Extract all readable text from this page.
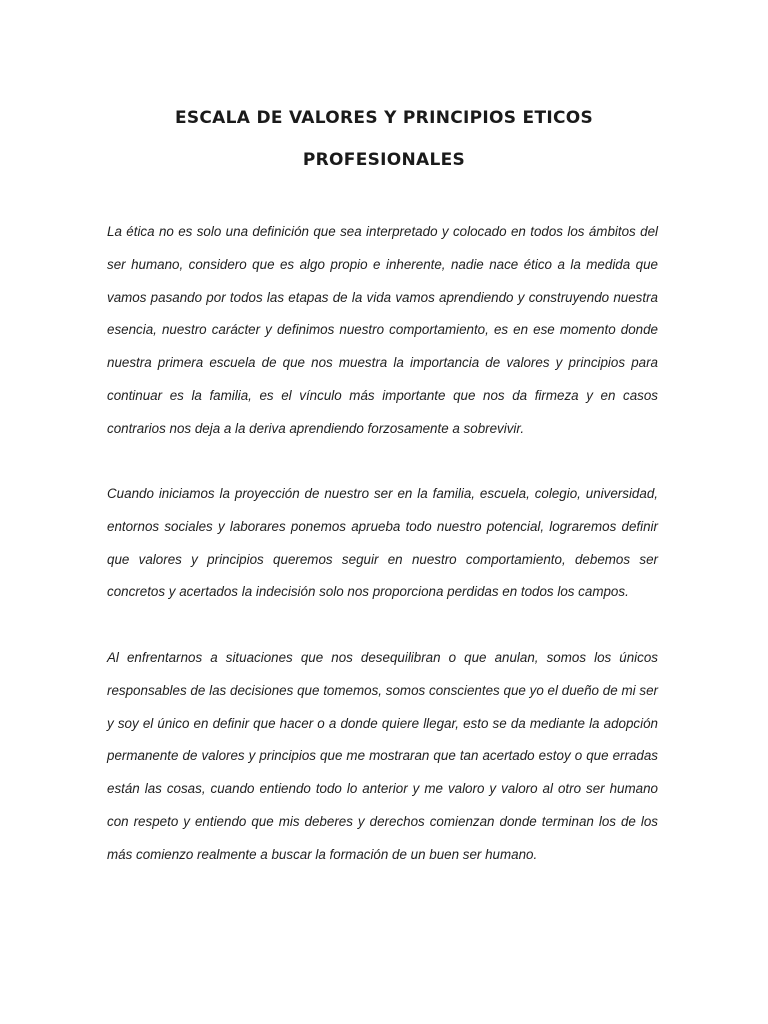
ESCALA DE VALORES Y PRINCIPIOS ETICOS
PROFESIONALES

La ética no es solo una definición que sea interpretado y colocado en todos los ámbitos del ser humano, considero que es algo propio e inherente, nadie nace ético a la medida que vamos pasando por todos las etapas de la vida vamos aprendiendo y construyendo nuestra esencia, nuestro carácter y definimos nuestro comportamiento, es en ese momento donde nuestra primera escuela de que nos muestra la importancia de valores y principios para continuar es la familia, es el vínculo más importante que nos da firmeza y en casos contrarios nos deja a la deriva aprendiendo forzosamente a sobrevivir.

Cuando iniciamos la proyección de nuestro ser en la familia, escuela, colegio, universidad, entornos sociales y laborares ponemos aprueba todo nuestro potencial, lograremos definir que valores y principios queremos seguir en nuestro comportamiento, debemos ser concretos y acertados la indecisión solo nos proporciona perdidas en todos los campos.

Al enfrentarnos a situaciones que nos desequilibran o que anulan, somos los únicos responsables de las decisiones que tomemos, somos conscientes que yo el dueño de mi ser y soy el único en definir que hacer o a donde quiere llegar, esto se da mediante la adopción permanente de valores y principios que me mostraran que tan acertado estoy o que erradas están las cosas, cuando entiendo todo lo anterior y me valoro y valoro al otro ser humano con respeto y entiendo que mis deberes y derechos comienzan donde terminan los de los más comienzo realmente a buscar la formación de un buen ser humano.
